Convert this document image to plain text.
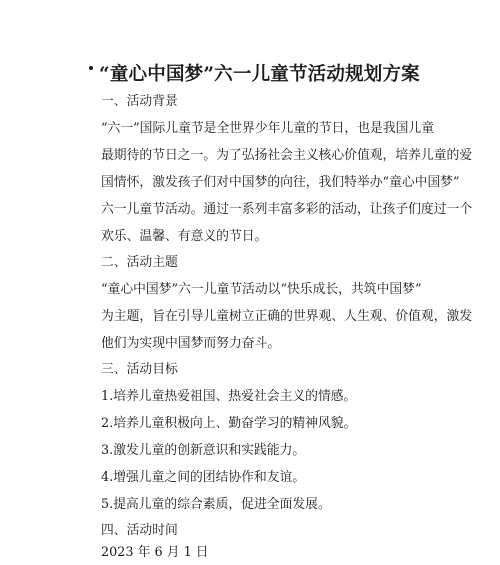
“童心中国梦”六一儿童节活动规划方案
一、活动背景
“六一”国际儿童节是全世界少年儿童的节日，也是我国儿童
最期待的节日之一。为了弘扬社会主义核心价值观，培养儿童的爱
国情怀，激发孩子们对中国梦的向往，我们特举办“童心中国梦”
六一儿童节活动。通过一系列丰富多彩的活动，让孩子们度过一个
欢乐、温馨、有意义的节日。
二、活动主题
“童心中国梦”六一儿童节活动以“快乐成长，共筑中国梦”
为主题，旨在引导儿童树立正确的世界观、人生观、价值观，激发
他们为实现中国梦而努力奋斗。
三、活动目标
1.培养儿童热爱祖国、热爱社会主义的情感。
2.培养儿童积极向上、勤奋学习的精神风貌。
3.激发儿童的创新意识和实践能力。
4.增强儿童之间的团结协作和友谊。
5.提高儿童的综合素质，促进全面发展。
四、活动时间
2023 年 6 月 1 日
